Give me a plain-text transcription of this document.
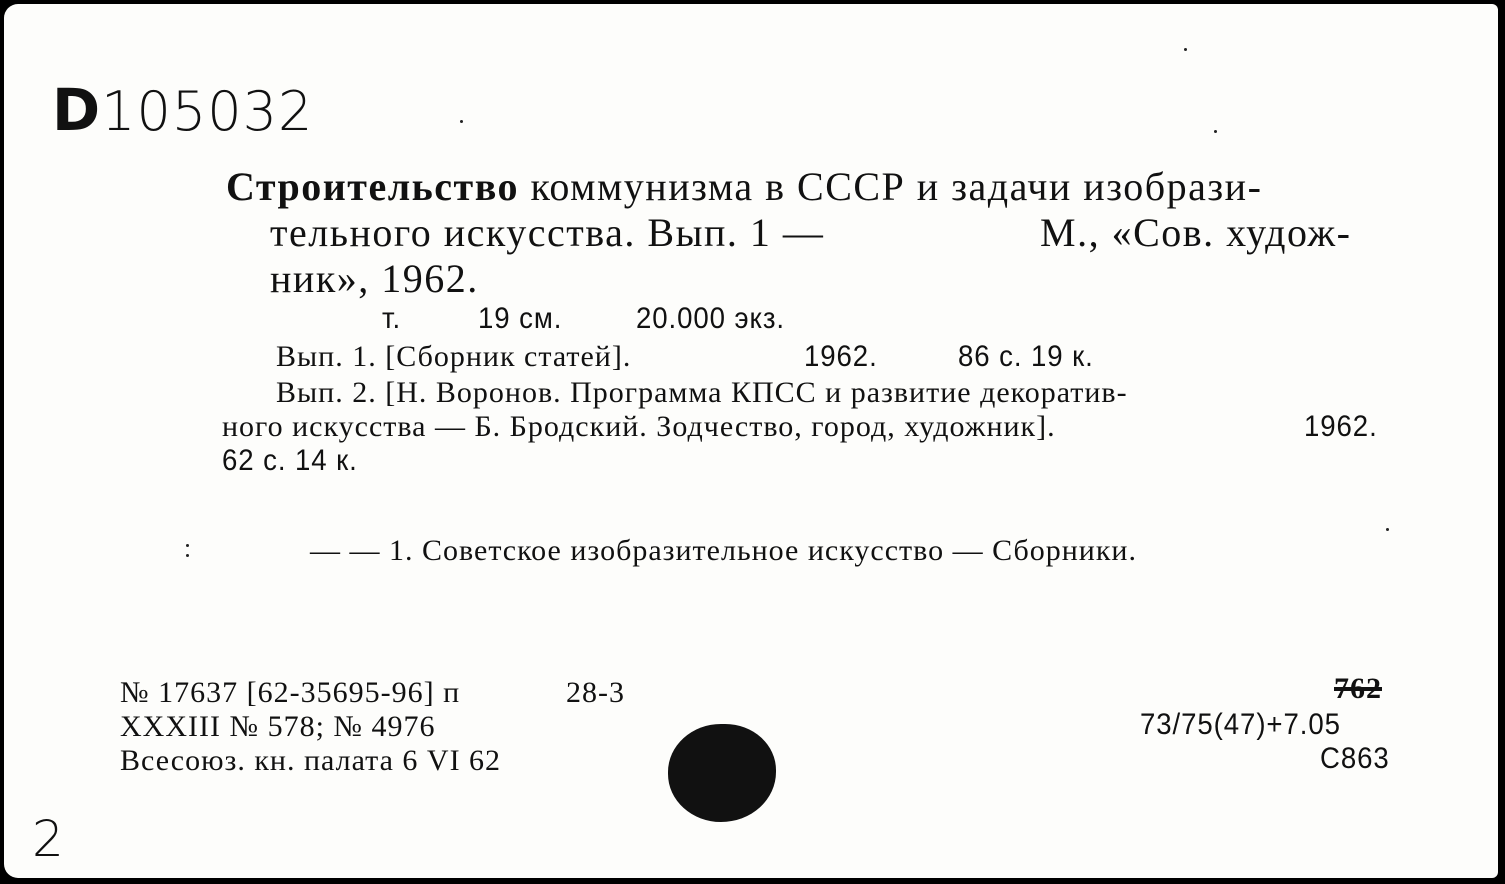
D105032
Строительство коммунизма в СССР и задачи изобрази-
тельного искусства. Вып. 1 —	М., «Сов. худож-
ник», 1962.
т.	19 см. 20.000 экз.
Вып. 1. [Сборник статей].	1962.	86 с. 19 к.
Вып. 2. [Н. Воронов. Программа КПСС и развитие декоратив-
ного искусства — Б. Бродский. Зодчество, город, художник].	1962.
62 с. 14 к.
— — 1. Советское изобразительное искусство — Сборники.
№ 17637 [62-35695-96] п	28-3
XXXIII № 578; № 4976
Всесоюз. кн. палата 6 VI 62
762
73/75(47)+7.05
С863
2
